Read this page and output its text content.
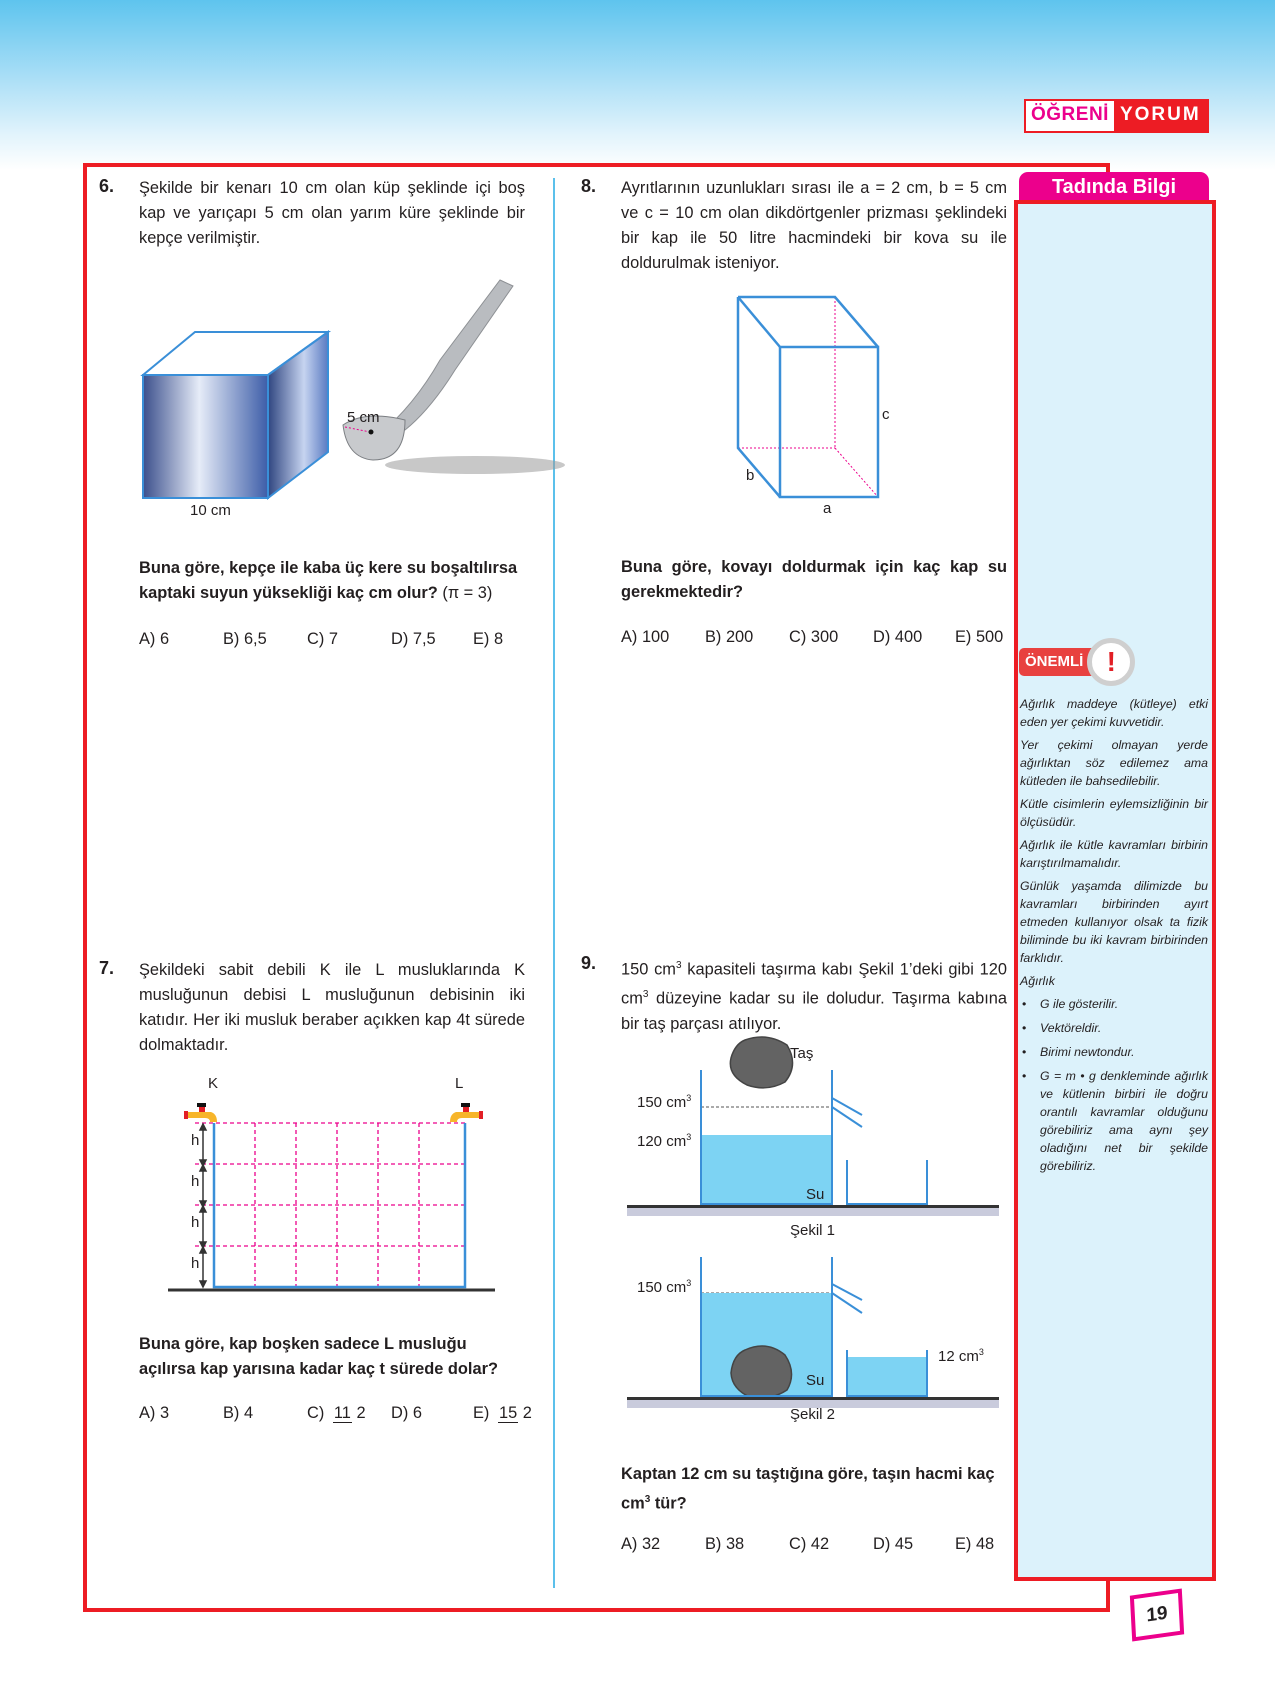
ÖĞRENİ YORUM
Tadında Bilgi
ÖNEMLİ !

Ağırlık maddeye (kütleye) etki eden yer çekimi kuvvetidir.

Yer çekimi olmayan yerde ağırlıktan söz edilemez ama kütleden ile bahsedilebilir.

Kütle cisimlerin eylemsizliğinin bir ölçüsüdür.

Ağırlık ile kütle kavramları birbirin karıştırılmamalıdır.

Günlük yaşamda dilimizde bu kavramları birbirinden ayırt etmeden kullanıyor olsak ta fizik biliminde bu iki kavram birbirinden farklıdır.

Ağırlık

• G ile gösterilir.
• Vektöreldir.
• Birimi newtondur.
• G = m • g denkleminde ağırlık ve kütlenin birbiri ile doğru orantılı kavramlar olduğunu görebiliriz ama aynı şey oladığını net bir şekilde görebiliriz.
6. Şekilde bir kenarı 10 cm olan küp şeklinde içi boş kap ve yarıçapı 5 cm olan yarım küre şeklinde bir kepçe verilmiştir.
10 cm
5 cm
Buna göre, kepçe ile kaba üç kere su boşaltılırsa kaptaki suyun yüksekliği kaç cm olur? (π = 3)
A) 6	B) 6,5	C) 7	D) 7,5	E) 8
7. Şekildeki sabit debili K ile L musluklarında K musluğunun debisi L musluğunun debisinin iki katıdır. Her iki musluk beraber açıkken kap 4t sürede dolmaktadır.
K	L
h
h
h
h
Buna göre, kap boşken sadece L musluğu açılırsa kap yarısına kadar kaç t sürede dolar?
A) 3	B) 4	C) 11 2	D) 6	E) 15 2
8. Ayrıtlarının uzunlukları sırası ile a = 2 cm, b = 5 cm ve c = 10 cm olan dikdörtgenler prizması şeklindeki bir kap ile 50 litre hacmindeki bir kova su ile doldurulmak isteniyor.
c
b
a
Buna göre, kovayı doldurmak için kaç kap su gerekmektedir?
A) 100	B) 200	C) 300	D) 400	E) 500
9. 150 $cm^3$ kapasiteli taşırma kabı Şekil 1’deki gibi 120 $cm^3$ düzeyine kadar su ile doludur. Taşırma kabına bir taş parçası atılıyor.
Taş
150 $cm^3$
120 $cm^3$
Su
Şekil 1
150 $cm^3$
Su
12 $cm^3$
Şekil 2
Kaptan 12 cm su taştığına göre, taşın hacmi kaç $cm^3$ tür?
A) 32	B) 38	C) 42	D) 45	E) 48
19
